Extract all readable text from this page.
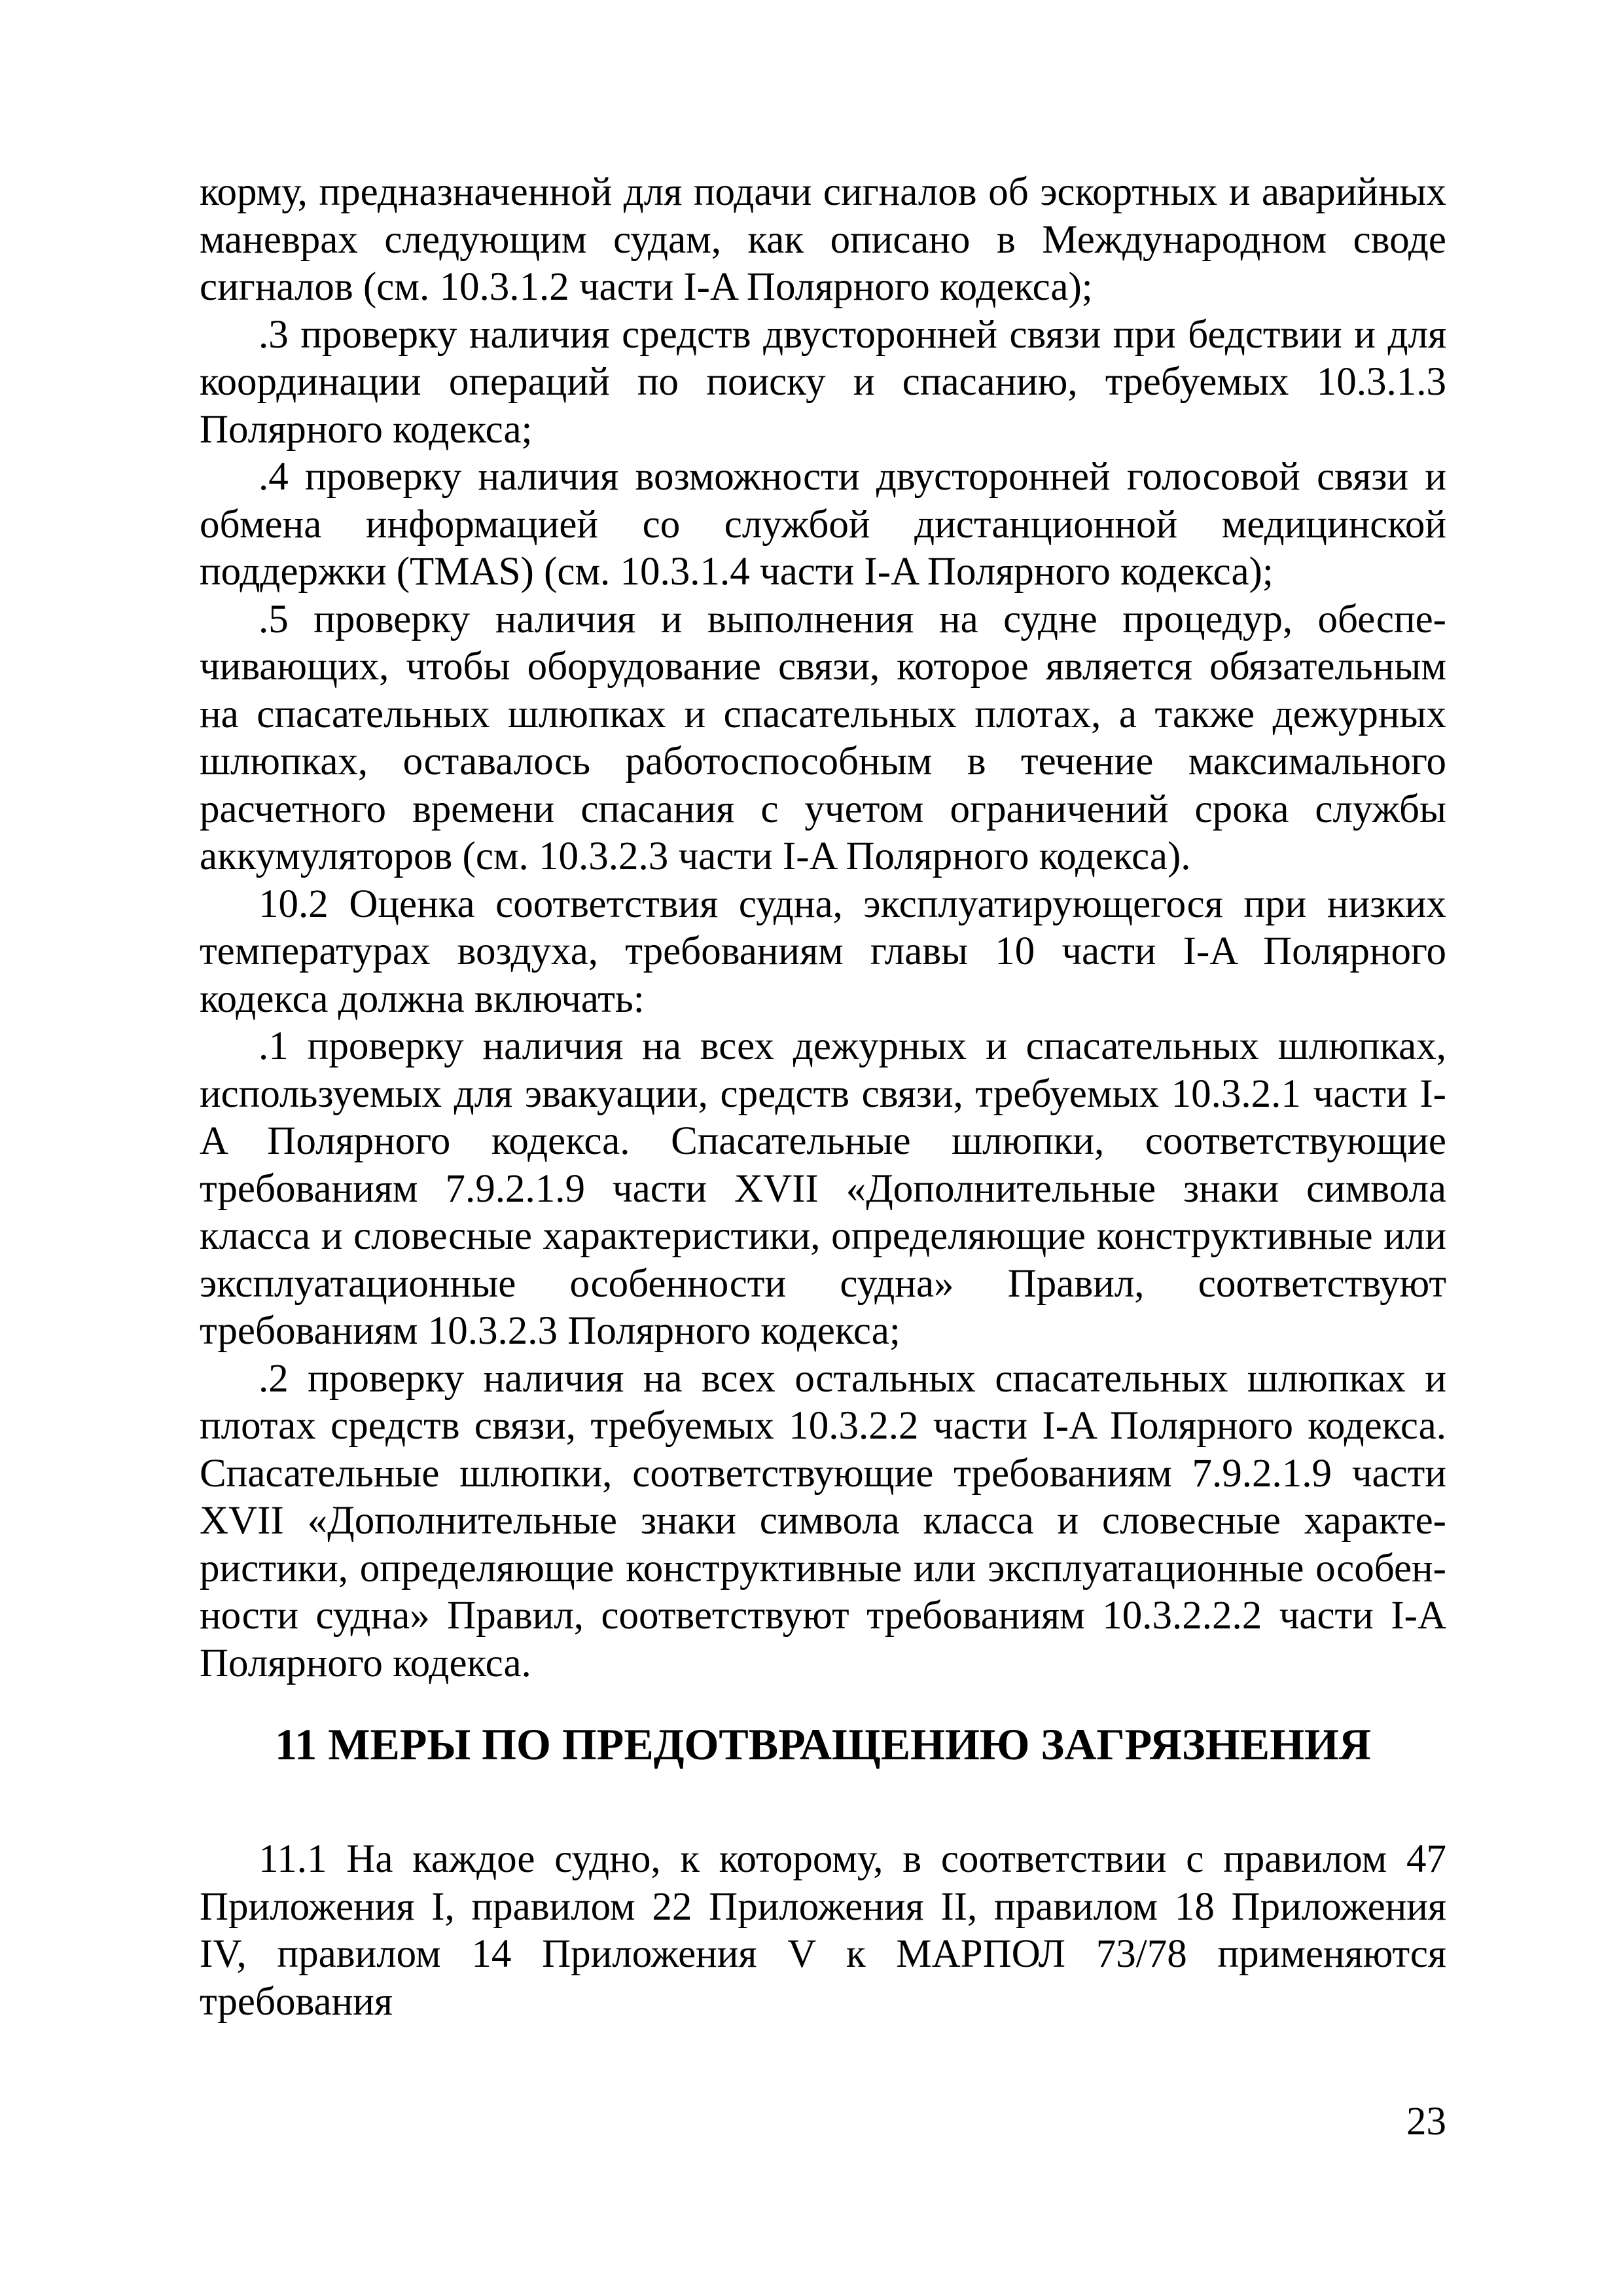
корму, предназначенной для подачи сигналов об эскортных и аварийных маневрах следующим судам, как описано в Международном своде сигналов (см. 10.3.1.2 части I-A Полярного кодекса);

.3 проверку наличия средств двусторонней связи при бедствии и для координации операций по поиску и спасанию, требуемых 10.3.1.3 Полярного кодекса;

.4 проверку наличия возможности двусторонней голосовой связи и обмена информацией со службой дистанционной медицинской поддержки (TMAS) (см. 10.3.1.4 части I-A Полярного кодекса);

.5 проверку наличия и выполнения на судне процедур, обеспечивающих, чтобы оборудование связи, которое является обязательным на спасательных шлюпках и спасательных плотах, а также дежурных шлюпках, оставалось работоспособным в течение максимального расчетного времени спасания с учетом ограничений срока службы аккумуляторов (см. 10.3.2.3 части I-A Полярного кодекса).

10.2 Оценка соответствия судна, эксплуатирующегося при низких температурах воздуха, требованиям главы 10 части I-A Полярного кодекса должна включать:

.1 проверку наличия на всех дежурных и спасательных шлюпках, используемых для эвакуации, средств связи, требуемых 10.3.2.1 части I-A Полярного кодекса. Спасательные шлюпки, соответствующие требованиям 7.9.2.1.9 части XVII «Дополнительные знаки символа класса и словесные характеристики, определяющие конструктивные или эксплуатационные особенности судна» Правил, соответствуют требованиям 10.3.2.3 Полярного кодекса;

.2 проверку наличия на всех остальных спасательных шлюпках и плотах средств связи, требуемых 10.3.2.2 части I-A Полярного кодекса. Спасательные шлюпки, соответствующие требованиям 7.9.2.1.9 части XVII «Дополнительные знаки символа класса и словесные характеристики, определяющие конструктивные или эксплуатационные особенности судна» Правил, соответствуют требованиям 10.3.2.2.2 части I-A Полярного кодекса.

11 МЕРЫ ПО ПРЕДОТВРАЩЕНИЮ ЗАГРЯЗНЕНИЯ

11.1 На каждое судно, к которому, в соответствии с правилом 47 Приложения I, правилом 22 Приложения II, правилом 18 Приложения IV, правилом 14 Приложения V к МАРПОЛ 73/78 применяются требования

23
